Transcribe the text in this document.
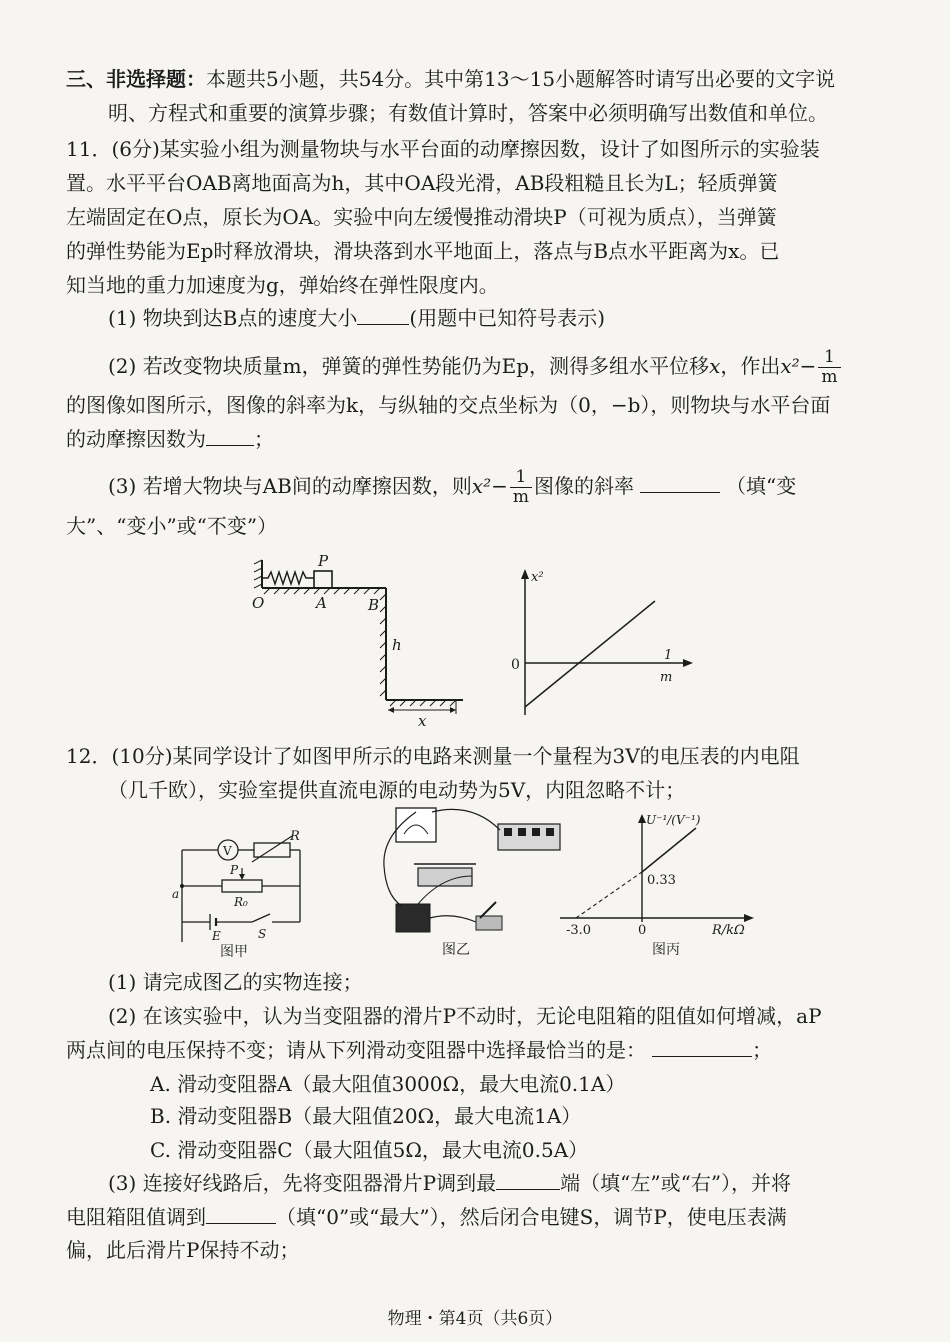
三、非选择题：本题共5小题，共54分。其中第13～15小题解答时请写出必要的文字说
明、方程式和重要的演算步骤；有数值计算时，答案中必须明确写出数值和单位。
11．(6分)某实验小组为测量物块与水平台面的动摩擦因数，设计了如图所示的实验装
置。水平平台OAB离地面高为h，其中OA段光滑，AB段粗糙且长为L；轻质弹簧
左端固定在O点，原长为OA。实验中向左缓慢推动滑块P（可视为质点），当弹簧
的弹性势能为Ep时释放滑块，滑块落到水平地面上，落点与B点水平距离为x。已
知当地的重力加速度为g，弹始终在弹性限度内。
(1) 物块到达B点的速度大小	(用题中已知符号表示)
(2) 若改变物块质量m，弹簧的弹性势能仍为Ep，测得多组水平位移x，作出$x^2- \frac{1}{m}$
的图像如图所示，图像的斜率为k，与纵轴的交点坐标为（0，−b），则物块与水平台面
的动摩擦因数为 ；
(3) 若增大物块与AB间的动摩擦因数，则$x^2- \frac{1}{m}$ 图像的斜率	（填“变
大”、“变小”或“不变”）
P
O	A	B
h
x
x²
0
1
m
12．(10分)某同学设计了如图甲所示的电路来测量一个量程为3V的电压表的内电阻
（几千欧），实验室提供直流电源的电动势为5V，内阻忽略不计；
V
R
a
P
R₀
E	S
图甲	图乙
U⁻¹/(V⁻¹)
0.33
-3.0	0	R/kΩ
图丙
(1) 请完成图乙的实物连接；
(2) 在该实验中，认为当变阻器的滑片P不动时，无论电阻箱的阻值如何增减，aP
两点间的电压保持不变；请从下列滑动变阻器中选择最恰当的是：	；
A. 滑动变阻器A（最大阻值3000Ω，最大电流0.1A）
B. 滑动变阻器B（最大阻值20Ω，最大电流1A）
C. 滑动变阻器C（最大阻值5Ω，最大电流0.5A）
(3) 连接好线路后，先将变阻器滑片P调到最	端（填“左”或“右”），并将
电阻箱阻值调到	（填“0”或“最大”），然后闭合电键S，调节P，使电压表满
偏，此后滑片P保持不动；
物理・第4页（共6页）
